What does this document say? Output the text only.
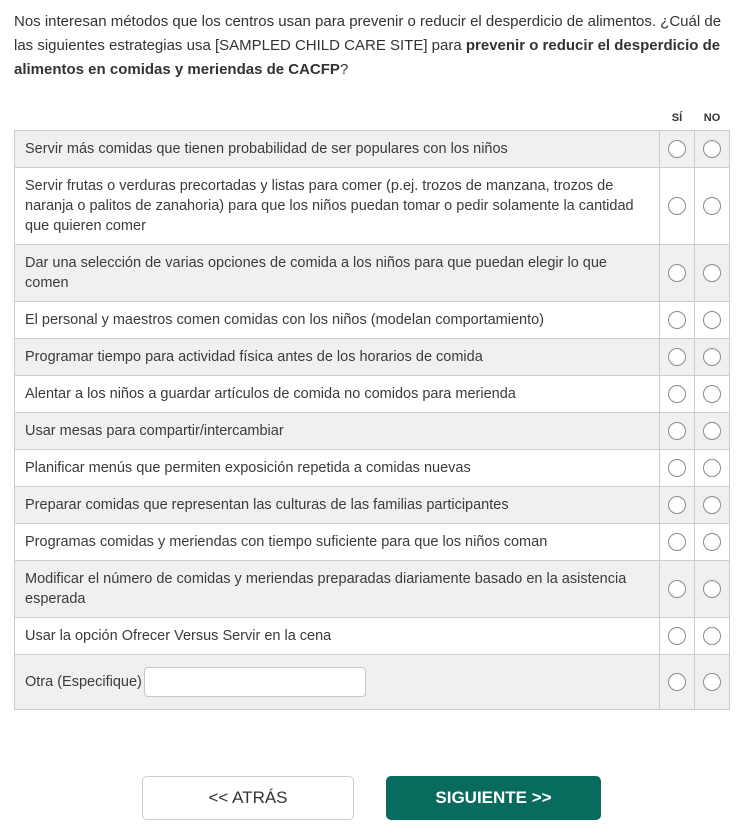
Nos interesan métodos que los centros usan para prevenir o reducir el desperdicio de alimentos. ¿Cuál de las siguientes estrategias usa [SAMPLED CHILD CARE SITE] para prevenir o reducir el desperdicio de alimentos en comidas y meriendas de CACFP?

	SÍ	NO
Servir más comidas que tienen probabilidad de ser populares con los niños		
Servir frutas o verduras precortadas y listas para comer (p.ej. trozos de manzana, trozos de naranja o palitos de zanahoria) para que los niños puedan tomar o pedir solamente la cantidad que quieren comer		
Dar una selección de varias opciones de comida a los niños para que puedan elegir lo que comen		
El personal y maestros comen comidas con los niños (modelan comportamiento)		
Programar tiempo para actividad física antes de los horarios de comida		
Alentar a los niños a guardar artículos de comida no comidos para merienda		
Usar mesas para compartir/intercambiar		
Planificar menús que permiten exposición repetida a comidas nuevas		
Preparar comidas que representan las culturas de las familias participantes		
Programas comidas y meriendas con tiempo suficiente para que los niños coman		
Modificar el número de comidas y meriendas preparadas diariamente basado en la asistencia esperada		
Usar la opción Ofrecer Versus Servir en la cena		

Otra (Especifique)		

<< ATRÁS	SIGUIENTE >>
